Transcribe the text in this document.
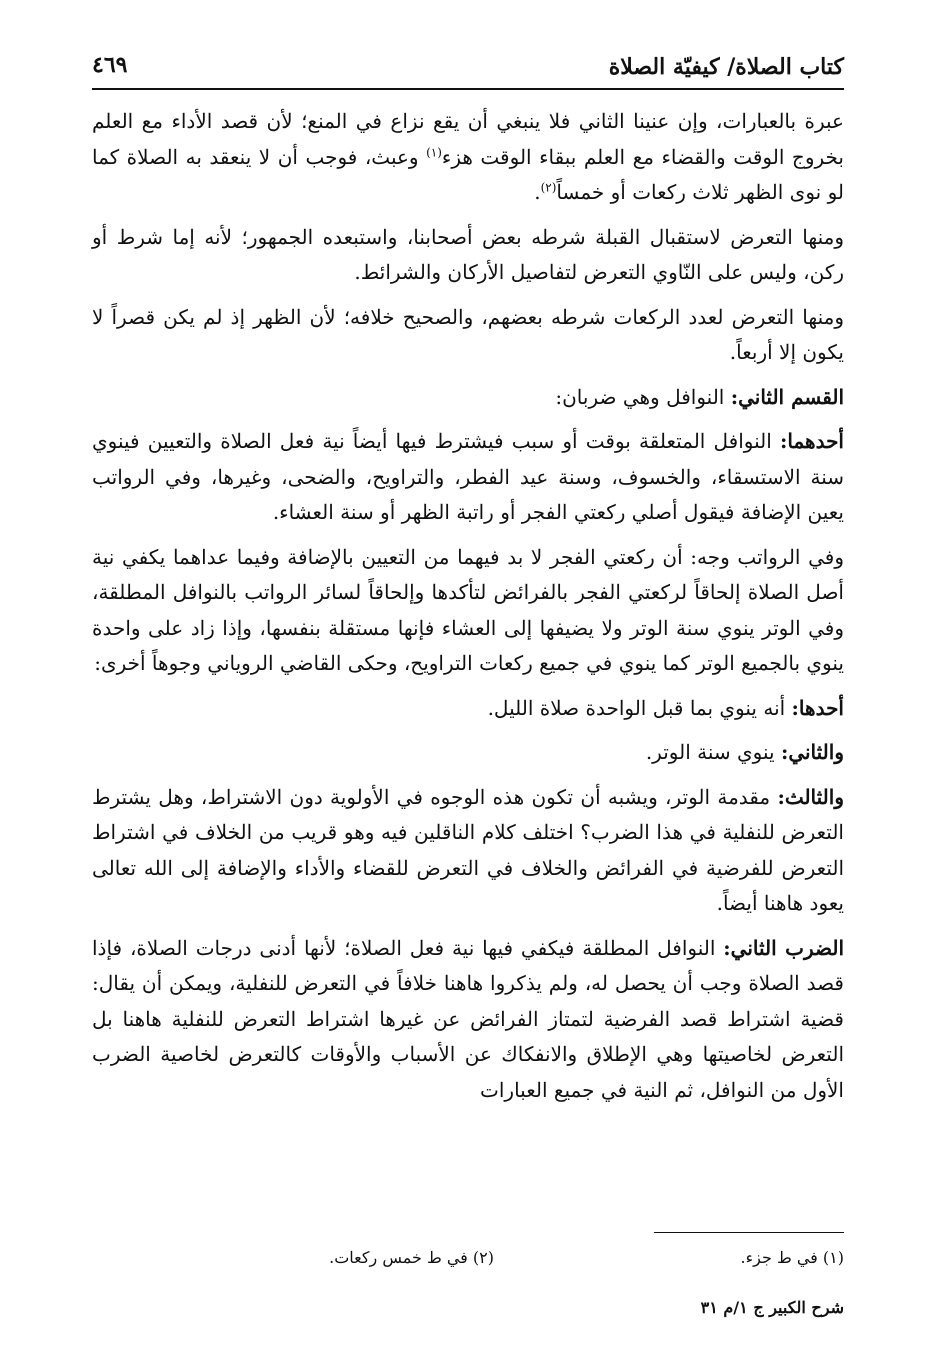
كتاب الصلاة/ كيفيّة الصلاة
٤٦٩

عبرة بالعبارات، وإن عنينا الثاني فلا ينبغي أن يقع نزاع في المنع؛ لأن قصد الأداء مع العلم بخروج الوقت والقضاء مع العلم ببقاء الوقت هزء$^{(١)}$ وعبث، فوجب أن لا ينعقد به الصلاة كما لو نوى الظهر ثلاث ركعات أو خمساً$^{(٢)}$.

ومنها التعرض لاستقبال القبلة شرطه بعض أصحابنا، واستبعده الجمهور؛ لأنه إما شرط أو ركن، وليس على النّاوي التعرض لتفاصيل الأركان والشرائط.

ومنها التعرض لعدد الركعات شرطه بعضهم، والصحيح خلافه؛ لأن الظهر إذ لم يكن قصراً لا يكون إلا أربعاً.

القسم الثاني: النوافل وهي ضربان:

أحدهما: النوافل المتعلقة بوقت أو سبب فيشترط فيها أيضاً نية فعل الصلاة والتعيين فينوي سنة الاستسقاء، والخسوف، وسنة عيد الفطر، والتراويح، والضحى، وغيرها، وفي الرواتب يعين الإضافة فيقول أصلي ركعتي الفجر أو راتبة الظهر أو سنة العشاء.

وفي الرواتب وجه: أن ركعتي الفجر لا بد فيهما من التعيين بالإضافة وفيما عداهما يكفي نية أصل الصلاة إلحاقاً لركعتي الفجر بالفرائض لتأكدها وإلحاقاً لسائر الرواتب بالنوافل المطلقة، وفي الوتر ينوي سنة الوتر ولا يضيفها إلى العشاء فإنها مستقلة بنفسها، وإذا زاد على واحدة ينوي بالجميع الوتر كما ينوي في جميع ركعات التراويح، وحكى القاضي الروياني وجوهاً أخرى:

أحدها: أنه ينوي بما قبل الواحدة صلاة الليل.

والثاني: ينوي سنة الوتر.

والثالث: مقدمة الوتر، ويشبه أن تكون هذه الوجوه في الأولوية دون الاشتراط، وهل يشترط التعرض للنفلية في هذا الضرب؟ اختلف كلام الناقلين فيه وهو قريب من الخلاف في اشتراط التعرض للفرضية في الفرائض والخلاف في التعرض للقضاء والأداء والإضافة إلى الله تعالى يعود هاهنا أيضاً.

الضرب الثاني: النوافل المطلقة فيكفي فيها نية فعل الصلاة؛ لأنها أدنى درجات الصلاة، فإذا قصد الصلاة وجب أن يحصل له، ولم يذكروا هاهنا خلافاً في التعرض للنفلية، ويمكن أن يقال: قضية اشتراط قصد الفرضية لتمتاز الفرائض عن غيرها اشتراط التعرض للنفلية هاهنا بل التعرض لخاصيتها وهي الإطلاق والانفكاك عن الأسباب والأوقات كالتعرض لخاصية الضرب الأول من النوافل، ثم النية في جميع العبارات

(١) في ط جزء.
(٢) في ط خمس ركعات.
شرح الكبير ج ١/م ٣١
